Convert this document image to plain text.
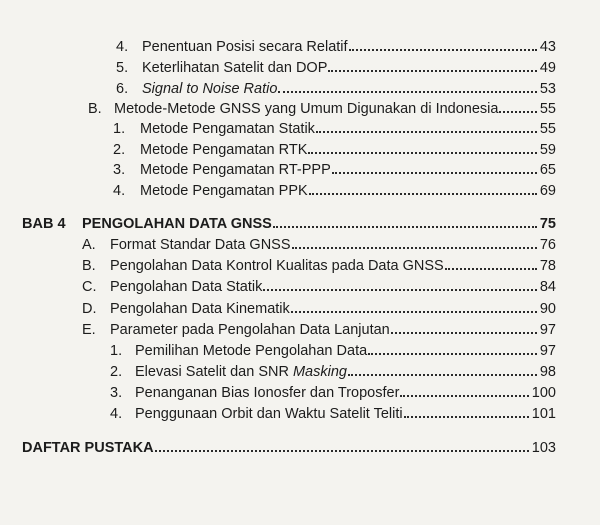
4. Penentuan Posisi secara Relatif	43
5. Keterlihatan Satelit dan DOP	49
6. Signal to Noise Ratio	53
B. Metode-Metode GNSS yang Umum Digunakan di Indonesia	55
1.	Metode Pengamatan Statik	55
2.	Metode Pengamatan RTK	59
3.	Metode Pengamatan RT-PPP	65
4.	Metode Pengamatan PPK	69
BAB 4	PENGOLAHAN DATA GNSS	75
A. Format Standar Data GNSS	76
B. Pengolahan Data Kontrol Kualitas pada Data GNSS	78
C. Pengolahan Data Statik	84
D. Pengolahan Data Kinematik	90
E. Parameter pada Pengolahan Data Lanjutan	97
1. Pemilihan Metode Pengolahan Data	97
2. Elevasi Satelit dan SNR Masking	98
3. Penanganan Bias Ionosfer dan Troposfer	100
4. Penggunaan Orbit dan Waktu Satelit Teliti	101
DAFTAR PUSTAKA	103
